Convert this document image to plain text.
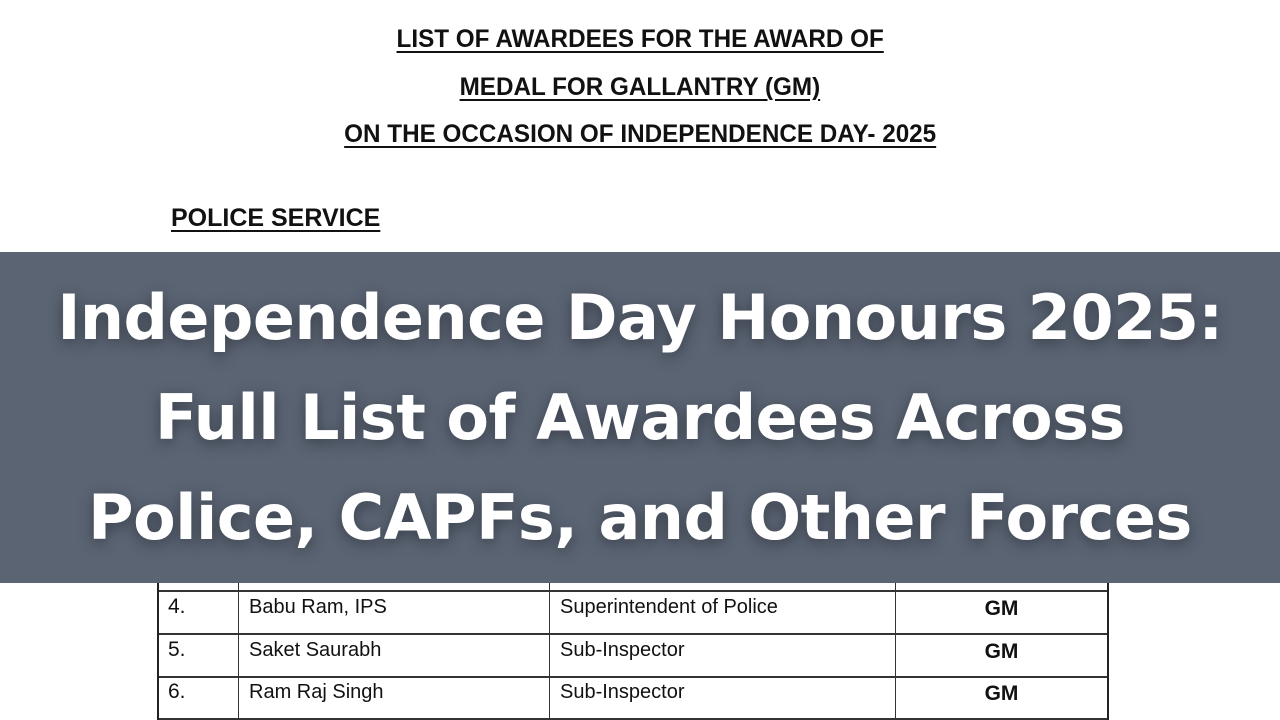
LIST OF AWARDEES FOR THE AWARD OF
MEDAL FOR GALLANTRY (GM)
ON THE OCCASION OF INDEPENDENCE DAY- 2025
POLICE SERVICE
Independence Day Honours 2025:
Full List of Awardees Across
Police, CAPFs, and Other Forces
4.	Babu Ram, IPS	Superintendent of Police	GM
5.	Saket Saurabh	Sub-Inspector	GM
6.	Ram Raj Singh	Sub-Inspector	GM
